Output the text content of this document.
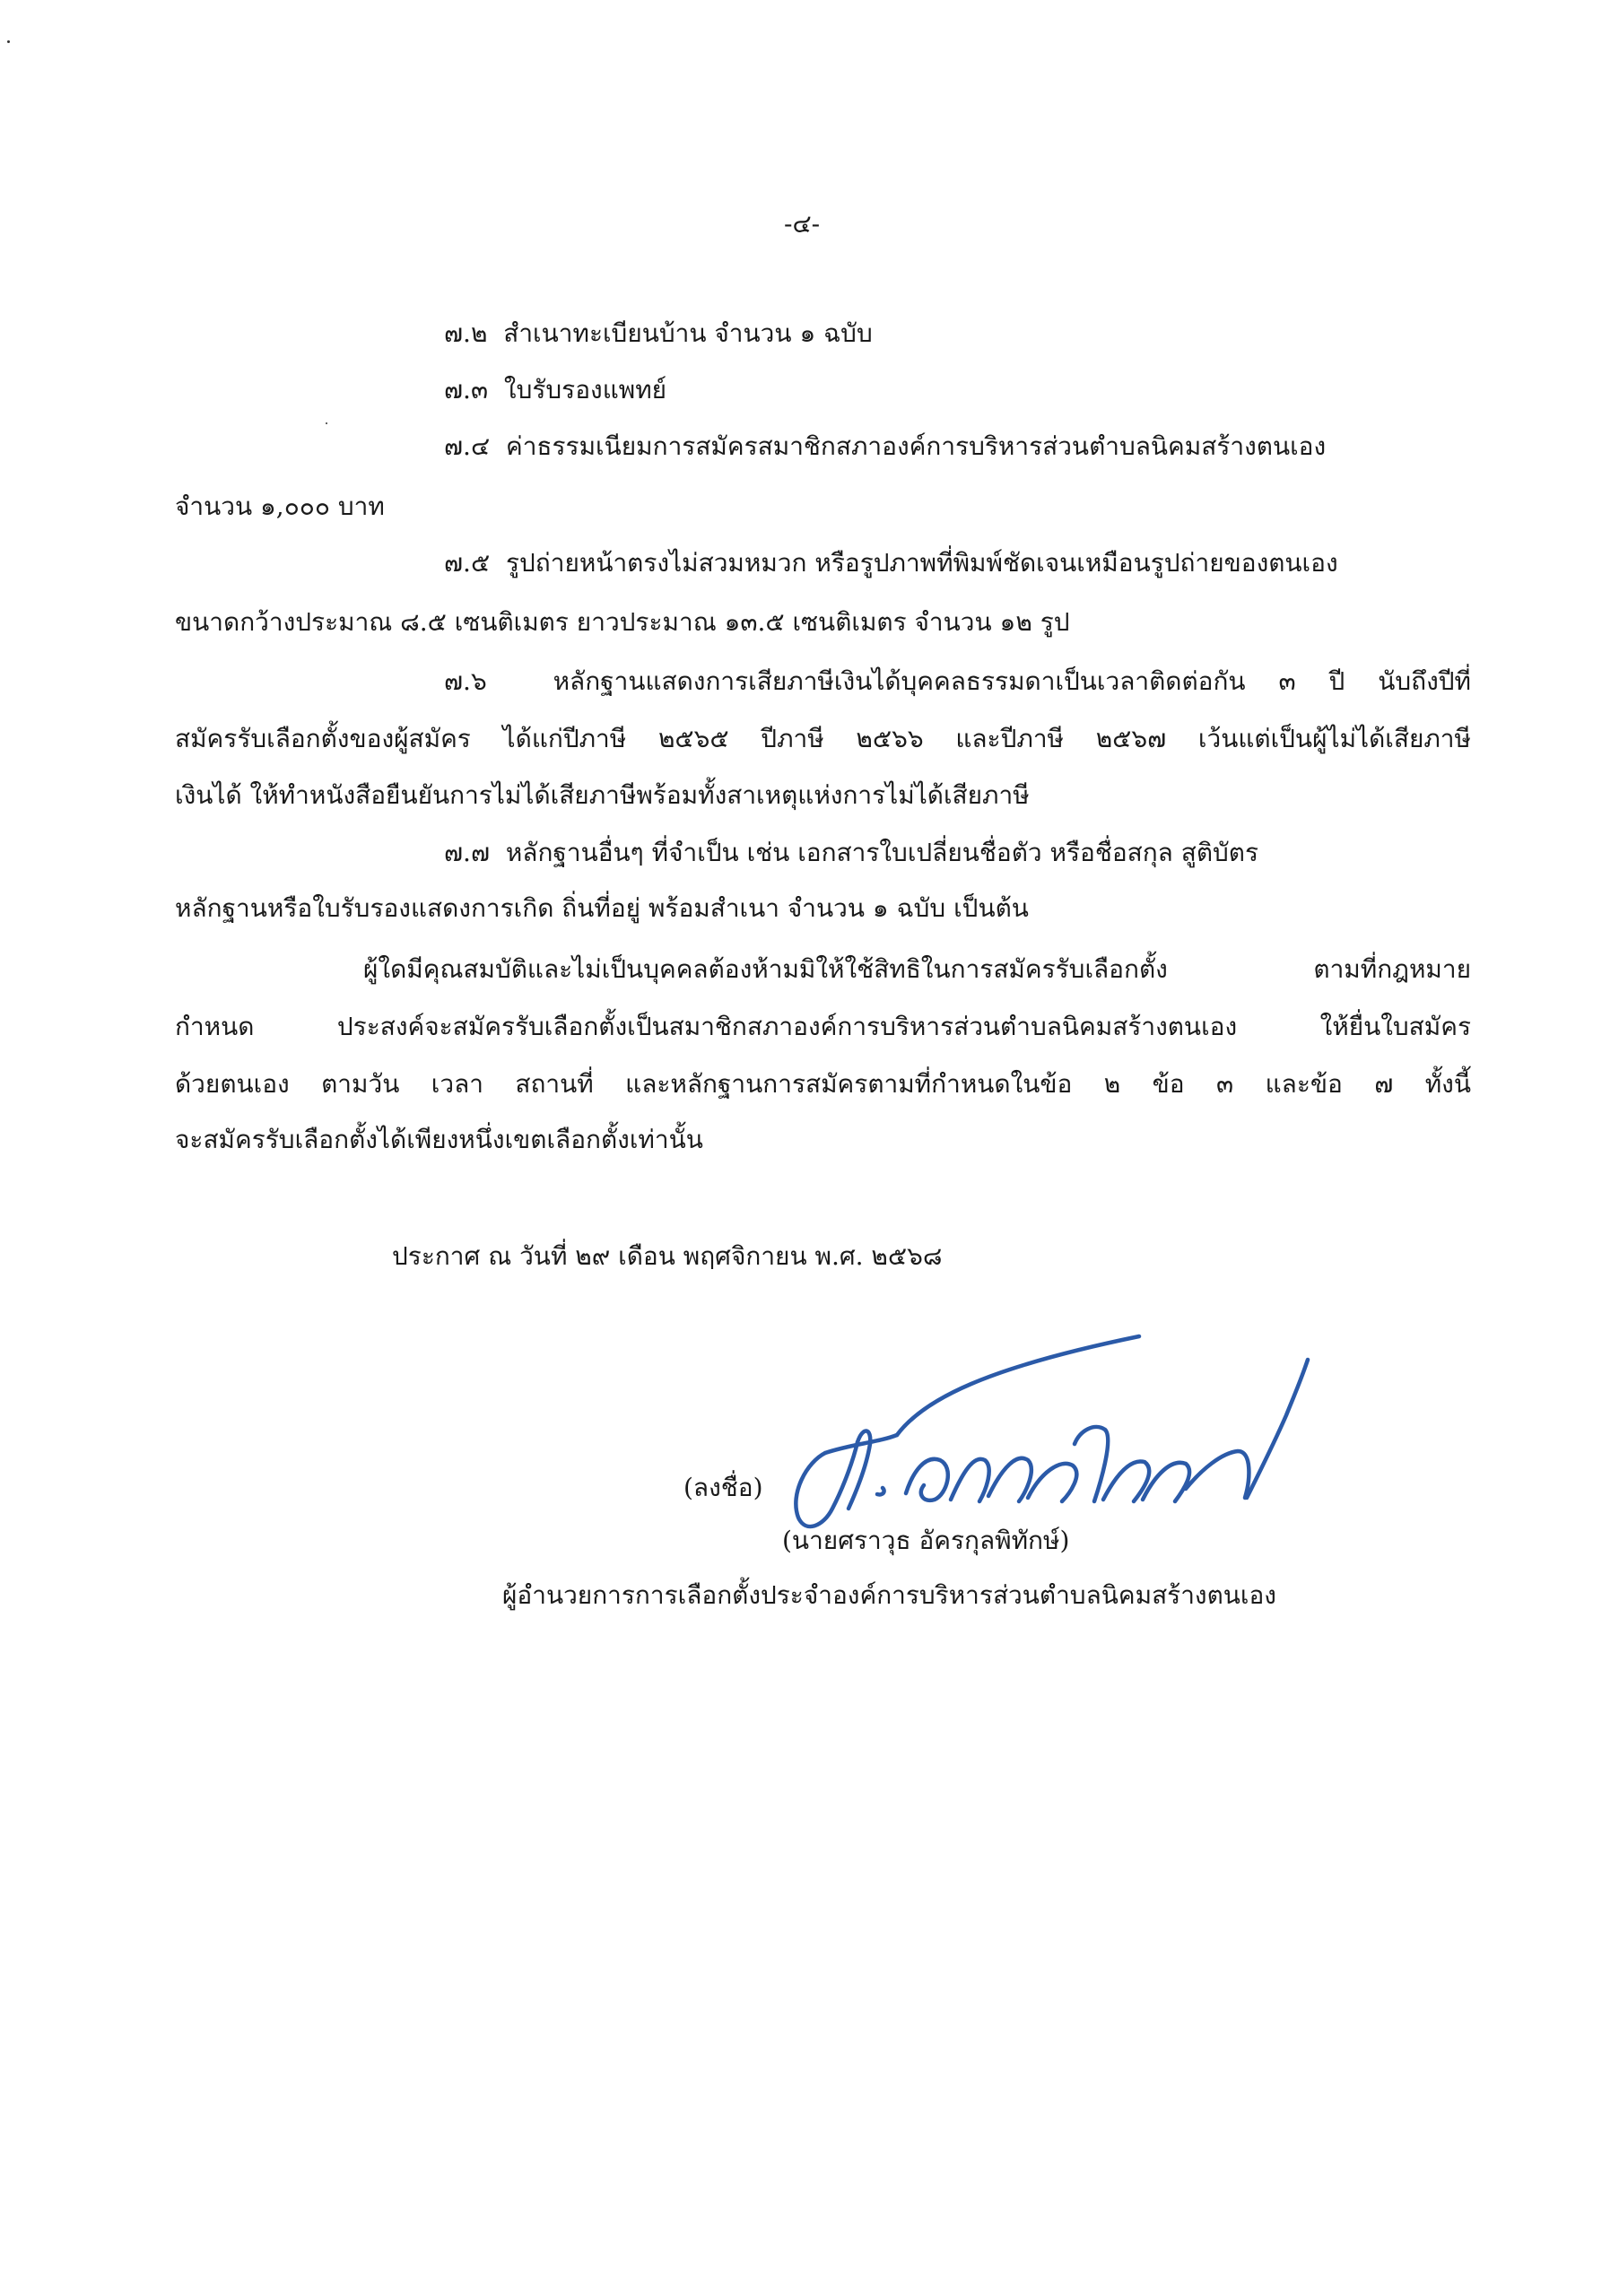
-๔-

๗.๒ สำเนาทะเบียนบ้าน จำนวน ๑ ฉบับ

๗.๓ ใบรับรองแพทย์

๗.๔ ค่าธรรมเนียมการสมัครสมาชิกสภาองค์การบริหารส่วนตำบลนิคมสร้างตนเอง

จำนวน ๑,๐๐๐ บาท

๗.๕ รูปถ่ายหน้าตรงไม่สวมหมวก หรือรูปภาพที่พิมพ์ชัดเจนเหมือนรูปถ่ายของตนเอง

ขนาดกว้างประมาณ ๘.๕ เซนติเมตร ยาวประมาณ ๑๓.๕ เซนติเมตร จำนวน ๑๒ รูป

๗.๖	หลักฐานแสดงการเสียภาษีเงินได้บุคคลธรรมดาเป็นเวลาติดต่อกัน ๓ ปี นับถึงปีที่

สมัครรับเลือกตั้งของผู้สมัคร ได้แก่ปีภาษี ๒๕๖๕ ปีภาษี ๒๕๖๖ และปีภาษี ๒๕๖๗ เว้นแต่เป็นผู้ไม่ได้เสียภาษี

เงินได้ ให้ทำหนังสือยืนยันการไม่ได้เสียภาษีพร้อมทั้งสาเหตุแห่งการไม่ได้เสียภาษี

๗.๗ หลักฐานอื่นๆ ที่จำเป็น เช่น เอกสารใบเปลี่ยนชื่อตัว หรือชื่อสกุล สูติบัตร

หลักฐานหรือใบรับรองแสดงการเกิด ถิ่นที่อยู่ พร้อมสำเนา จำนวน ๑ ฉบับ เป็นต้น

ผู้ใดมีคุณสมบัติและไม่เป็นบุคคลต้องห้ามมิให้ใช้สิทธิในการสมัครรับเลือกตั้ง ตามที่กฎหมาย

กำหนด ประสงค์จะสมัครรับเลือกตั้งเป็นสมาชิกสภาองค์การบริหารส่วนตำบลนิคมสร้างตนเอง ให้ยื่นใบสมัคร

ด้วยตนเอง ตามวัน เวลา สถานที่ และหลักฐานการสมัครตามที่กำหนดในข้อ ๒ ข้อ ๓ และข้อ ๗ ทั้งนี้

จะสมัครรับเลือกตั้งได้เพียงหนึ่งเขตเลือกตั้งเท่านั้น

ประกาศ ณ วันที่ ๒๙ เดือน พฤศจิกายน พ.ศ. ๒๕๖๘

(ลงชื่อ)

(นายศราวุธ อัครกุลพิทักษ์)

ผู้อำนวยการการเลือกตั้งประจำองค์การบริหารส่วนตำบลนิคมสร้างตนเอง
